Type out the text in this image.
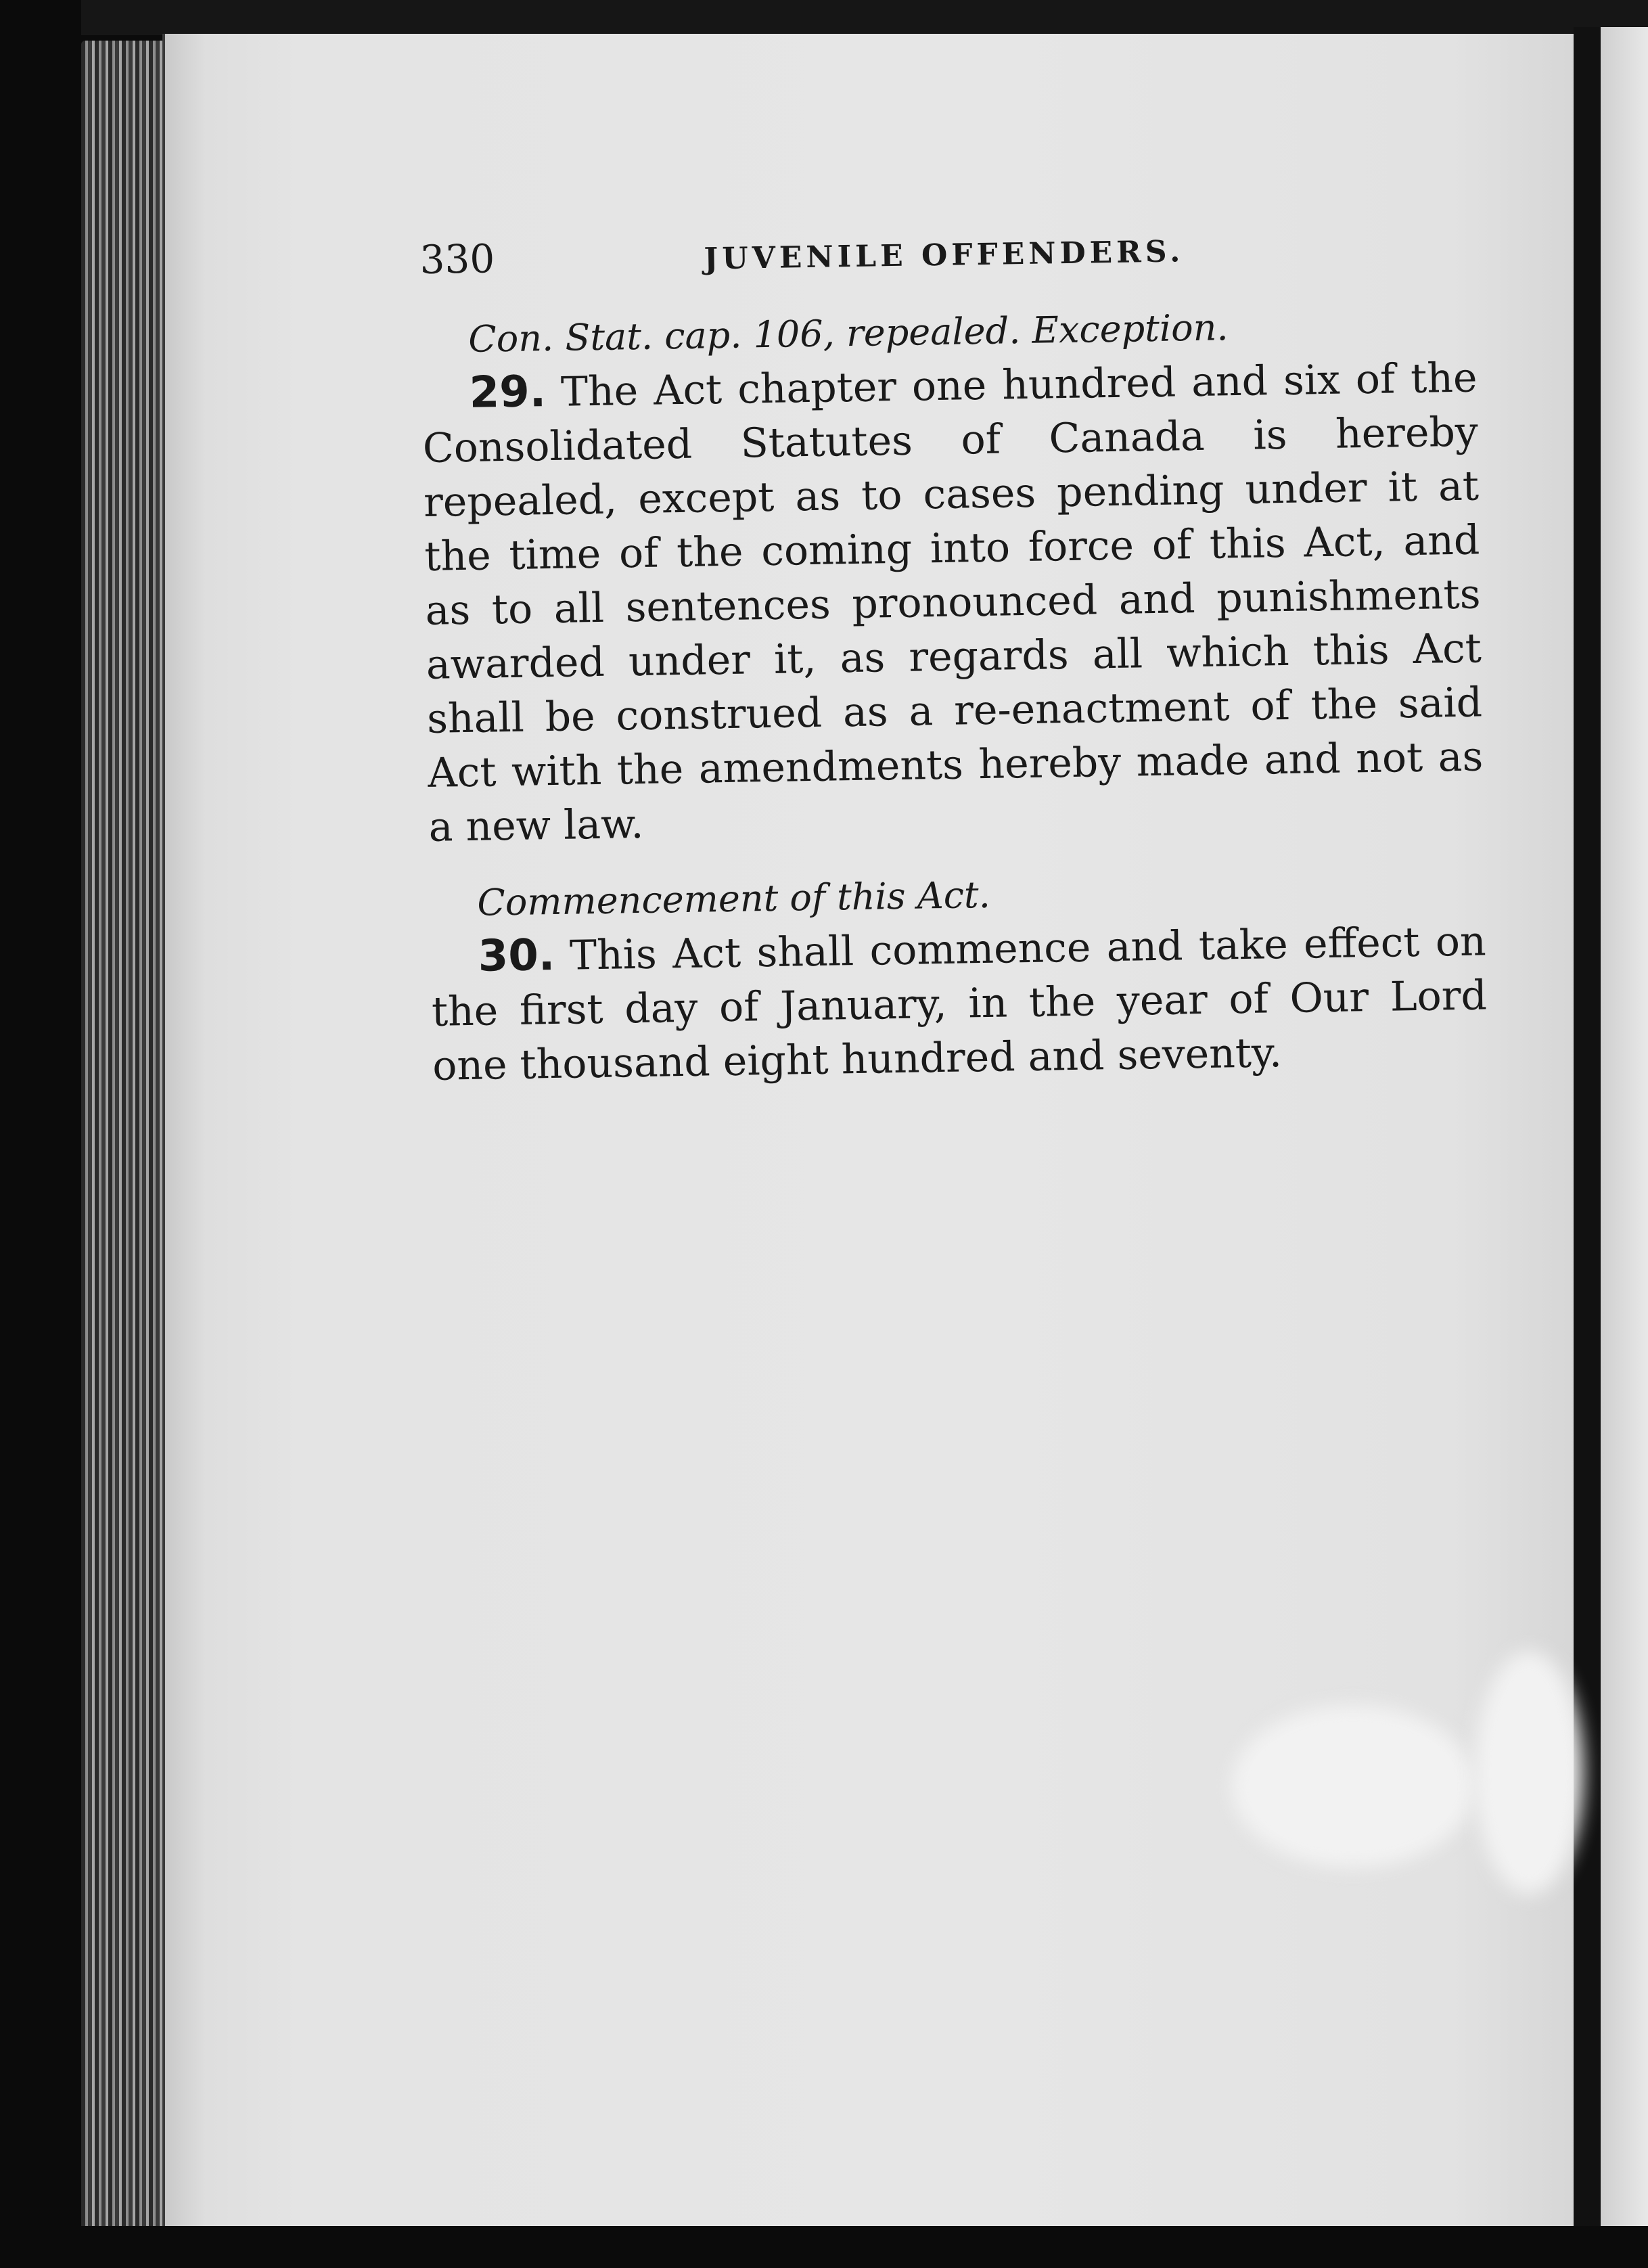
330	JUVENILE OFFENDERS.
Con. Stat. cap. 106, repealed. Exception.

29. The Act chapter one hundred and six of the Consolidated Statutes of Canada is hereby repealed, except as to cases pending under it at the time of the coming into force of this Act, and as to all sentences pronounced and punishments awarded under it, as regards all which this Act shall be construed as a re-enactment of the said Act with the amendments hereby made and not as a new law.

Commencement of this Act.

30. This Act shall commence and take effect on the first day of January, in the year of Our Lord one thousand eight hundred and seventy.
